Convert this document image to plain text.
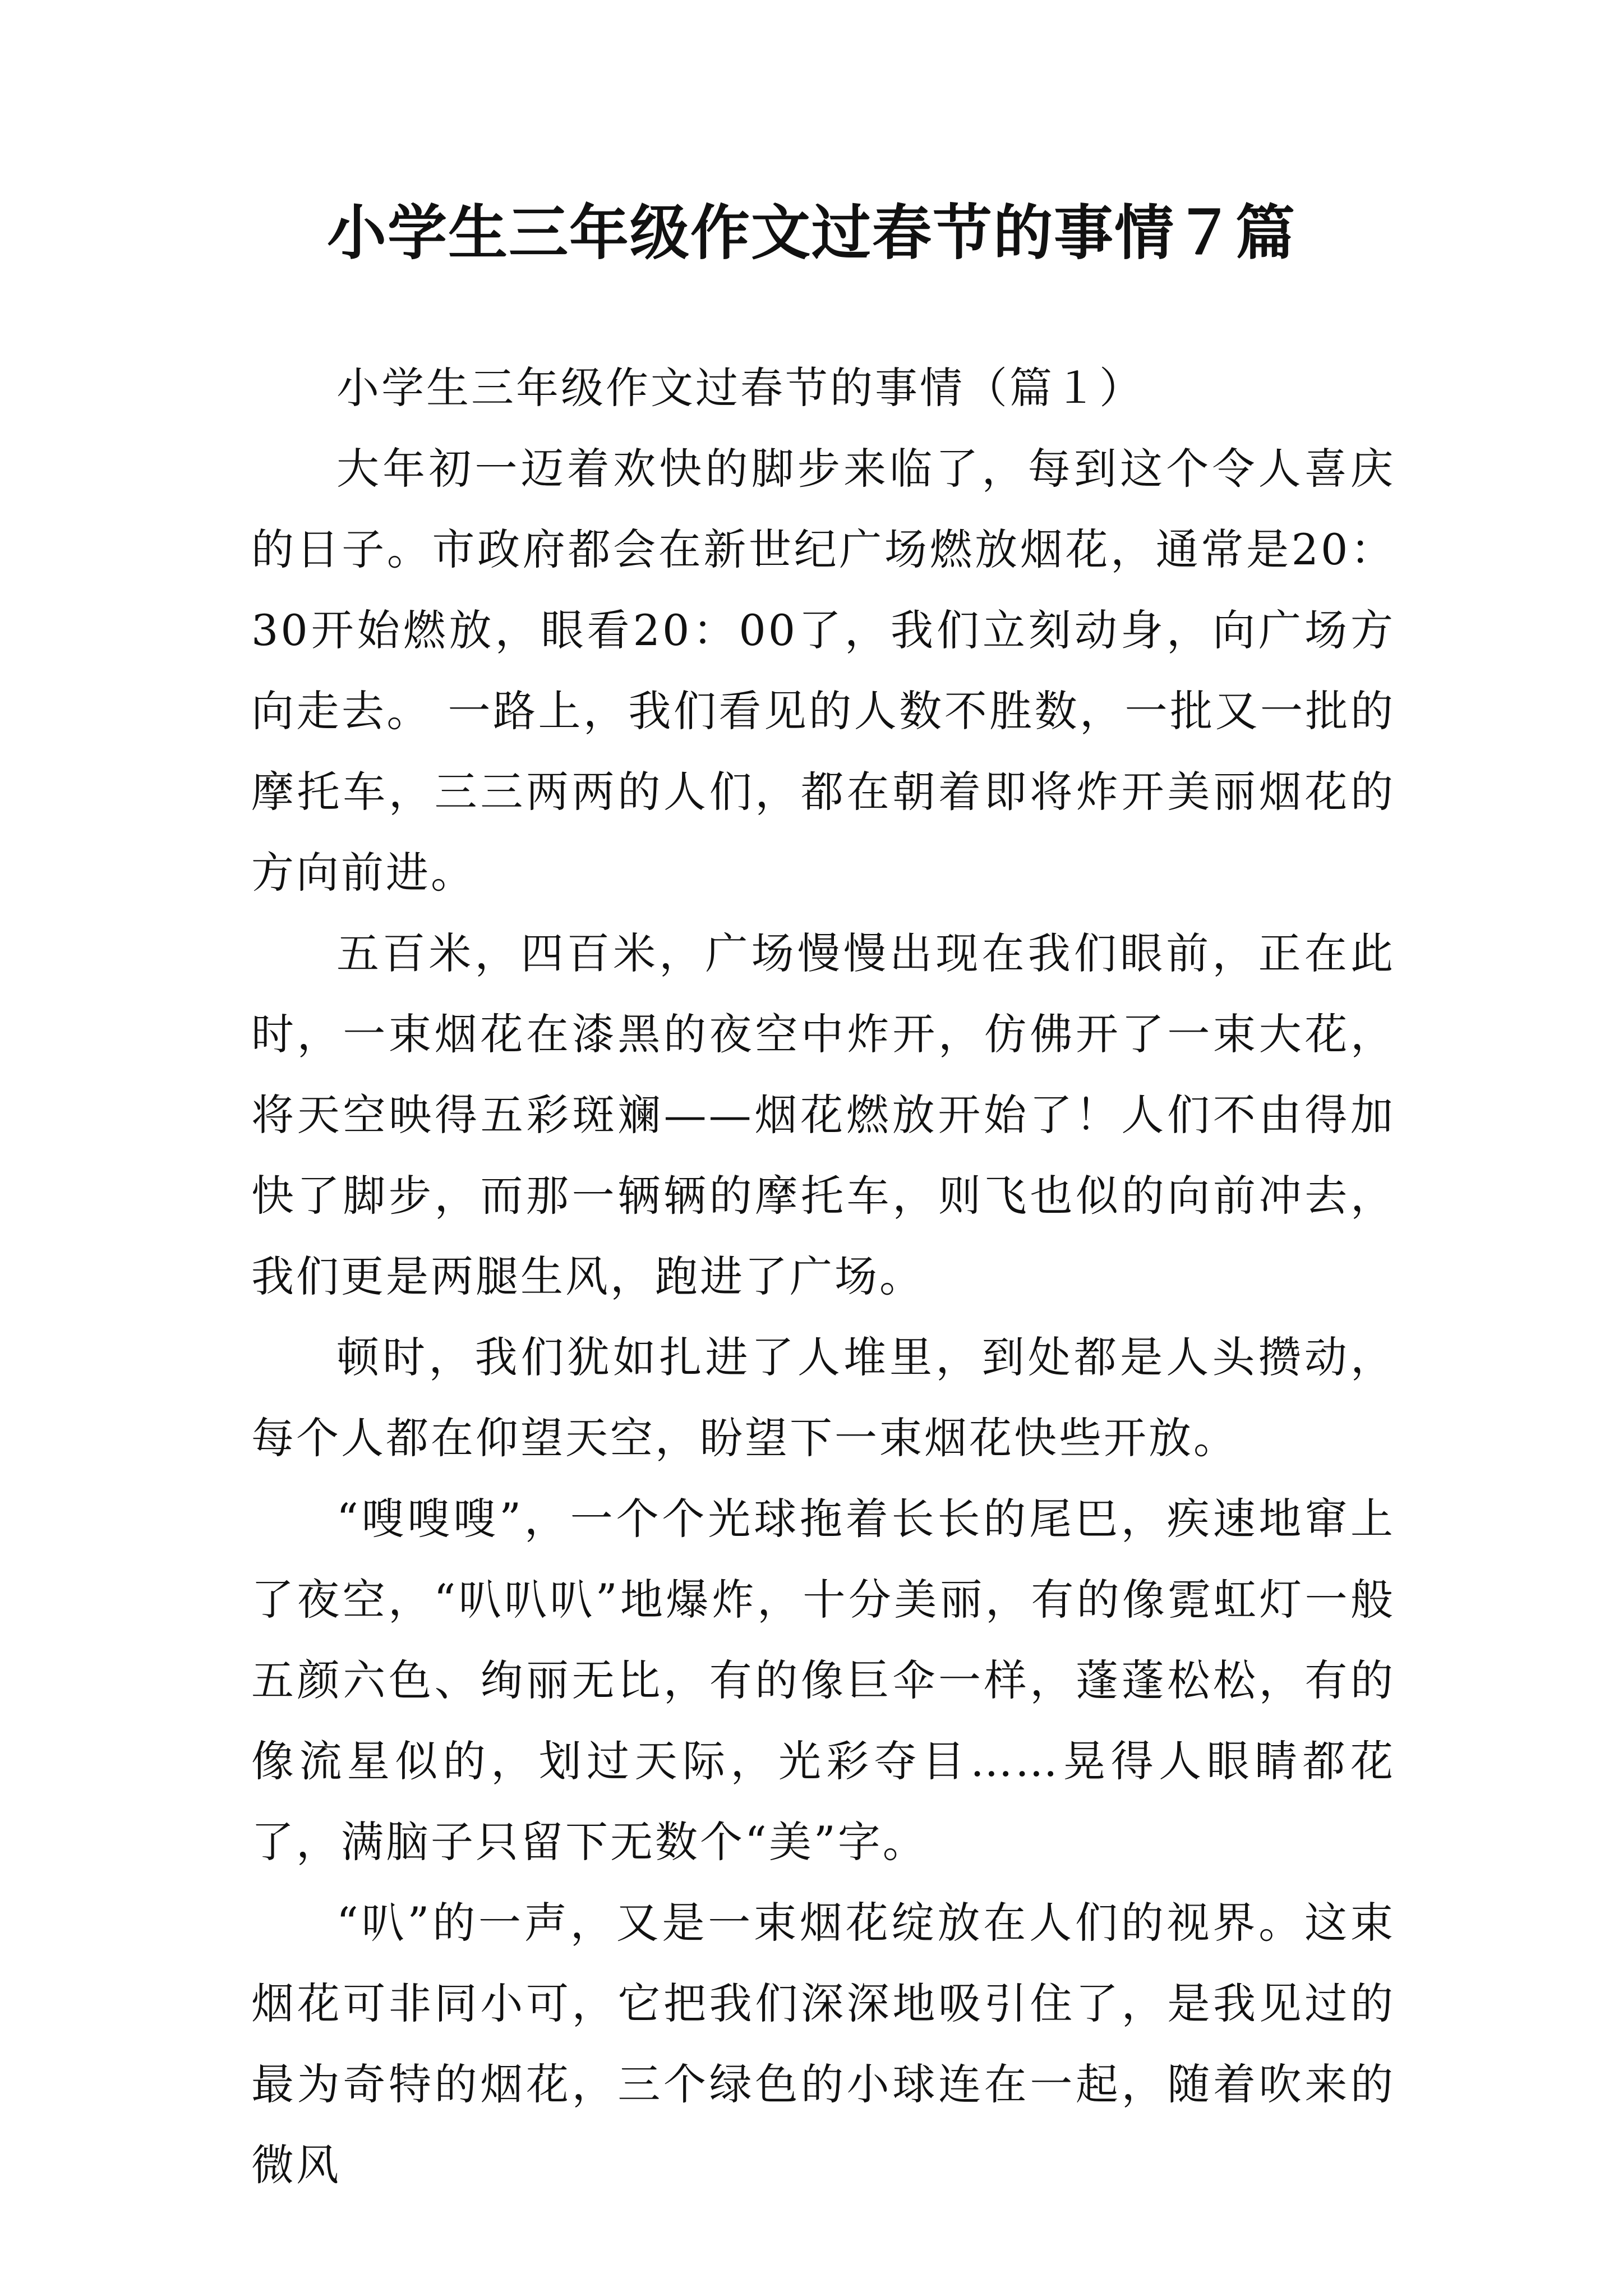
小学生三年级作文过春节的事情７篇

小学生三年级作文过春节的事情（篇１）

大年初一迈着欢快的脚步来临了，每到这个令人喜庆的日子。市政府都会在新世纪广场燃放烟花，通常是20：30开始燃放，眼看20：00了，我们立刻动身，向广场方向走去。 一路上，我们看见的人数不胜数，一批又一批的摩托车，三三两两的人们，都在朝着即将炸开美丽烟花的方向前进。

五百米，四百米，广场慢慢出现在我们眼前，正在此时，一束烟花在漆黑的夜空中炸开，仿佛开了一束大花，将天空映得五彩斑斓——烟花燃放开始了！人们不由得加快了脚步，而那一辆辆的摩托车，则飞也似的向前冲去，我们更是两腿生风，跑进了广场。

顿时，我们犹如扎进了人堆里，到处都是人头攒动，每个人都在仰望天空，盼望下一束烟花快些开放。

“嗖嗖嗖”，一个个光球拖着长长的尾巴，疾速地窜上了夜空，“叭叭叭”地爆炸，十分美丽，有的像霓虹灯一般五颜六色、绚丽无比，有的像巨伞一样，蓬蓬松松，有的像流星似的，划过天际，光彩夺目……晃得人眼睛都花了，满脑子只留下无数个“美”字。

“叭”的一声，又是一束烟花绽放在人们的视界。这束烟花可非同小可，它把我们深深地吸引住了，是我见过的最为奇特的烟花，三个绿色的小球连在一起，随着吹来的微风
